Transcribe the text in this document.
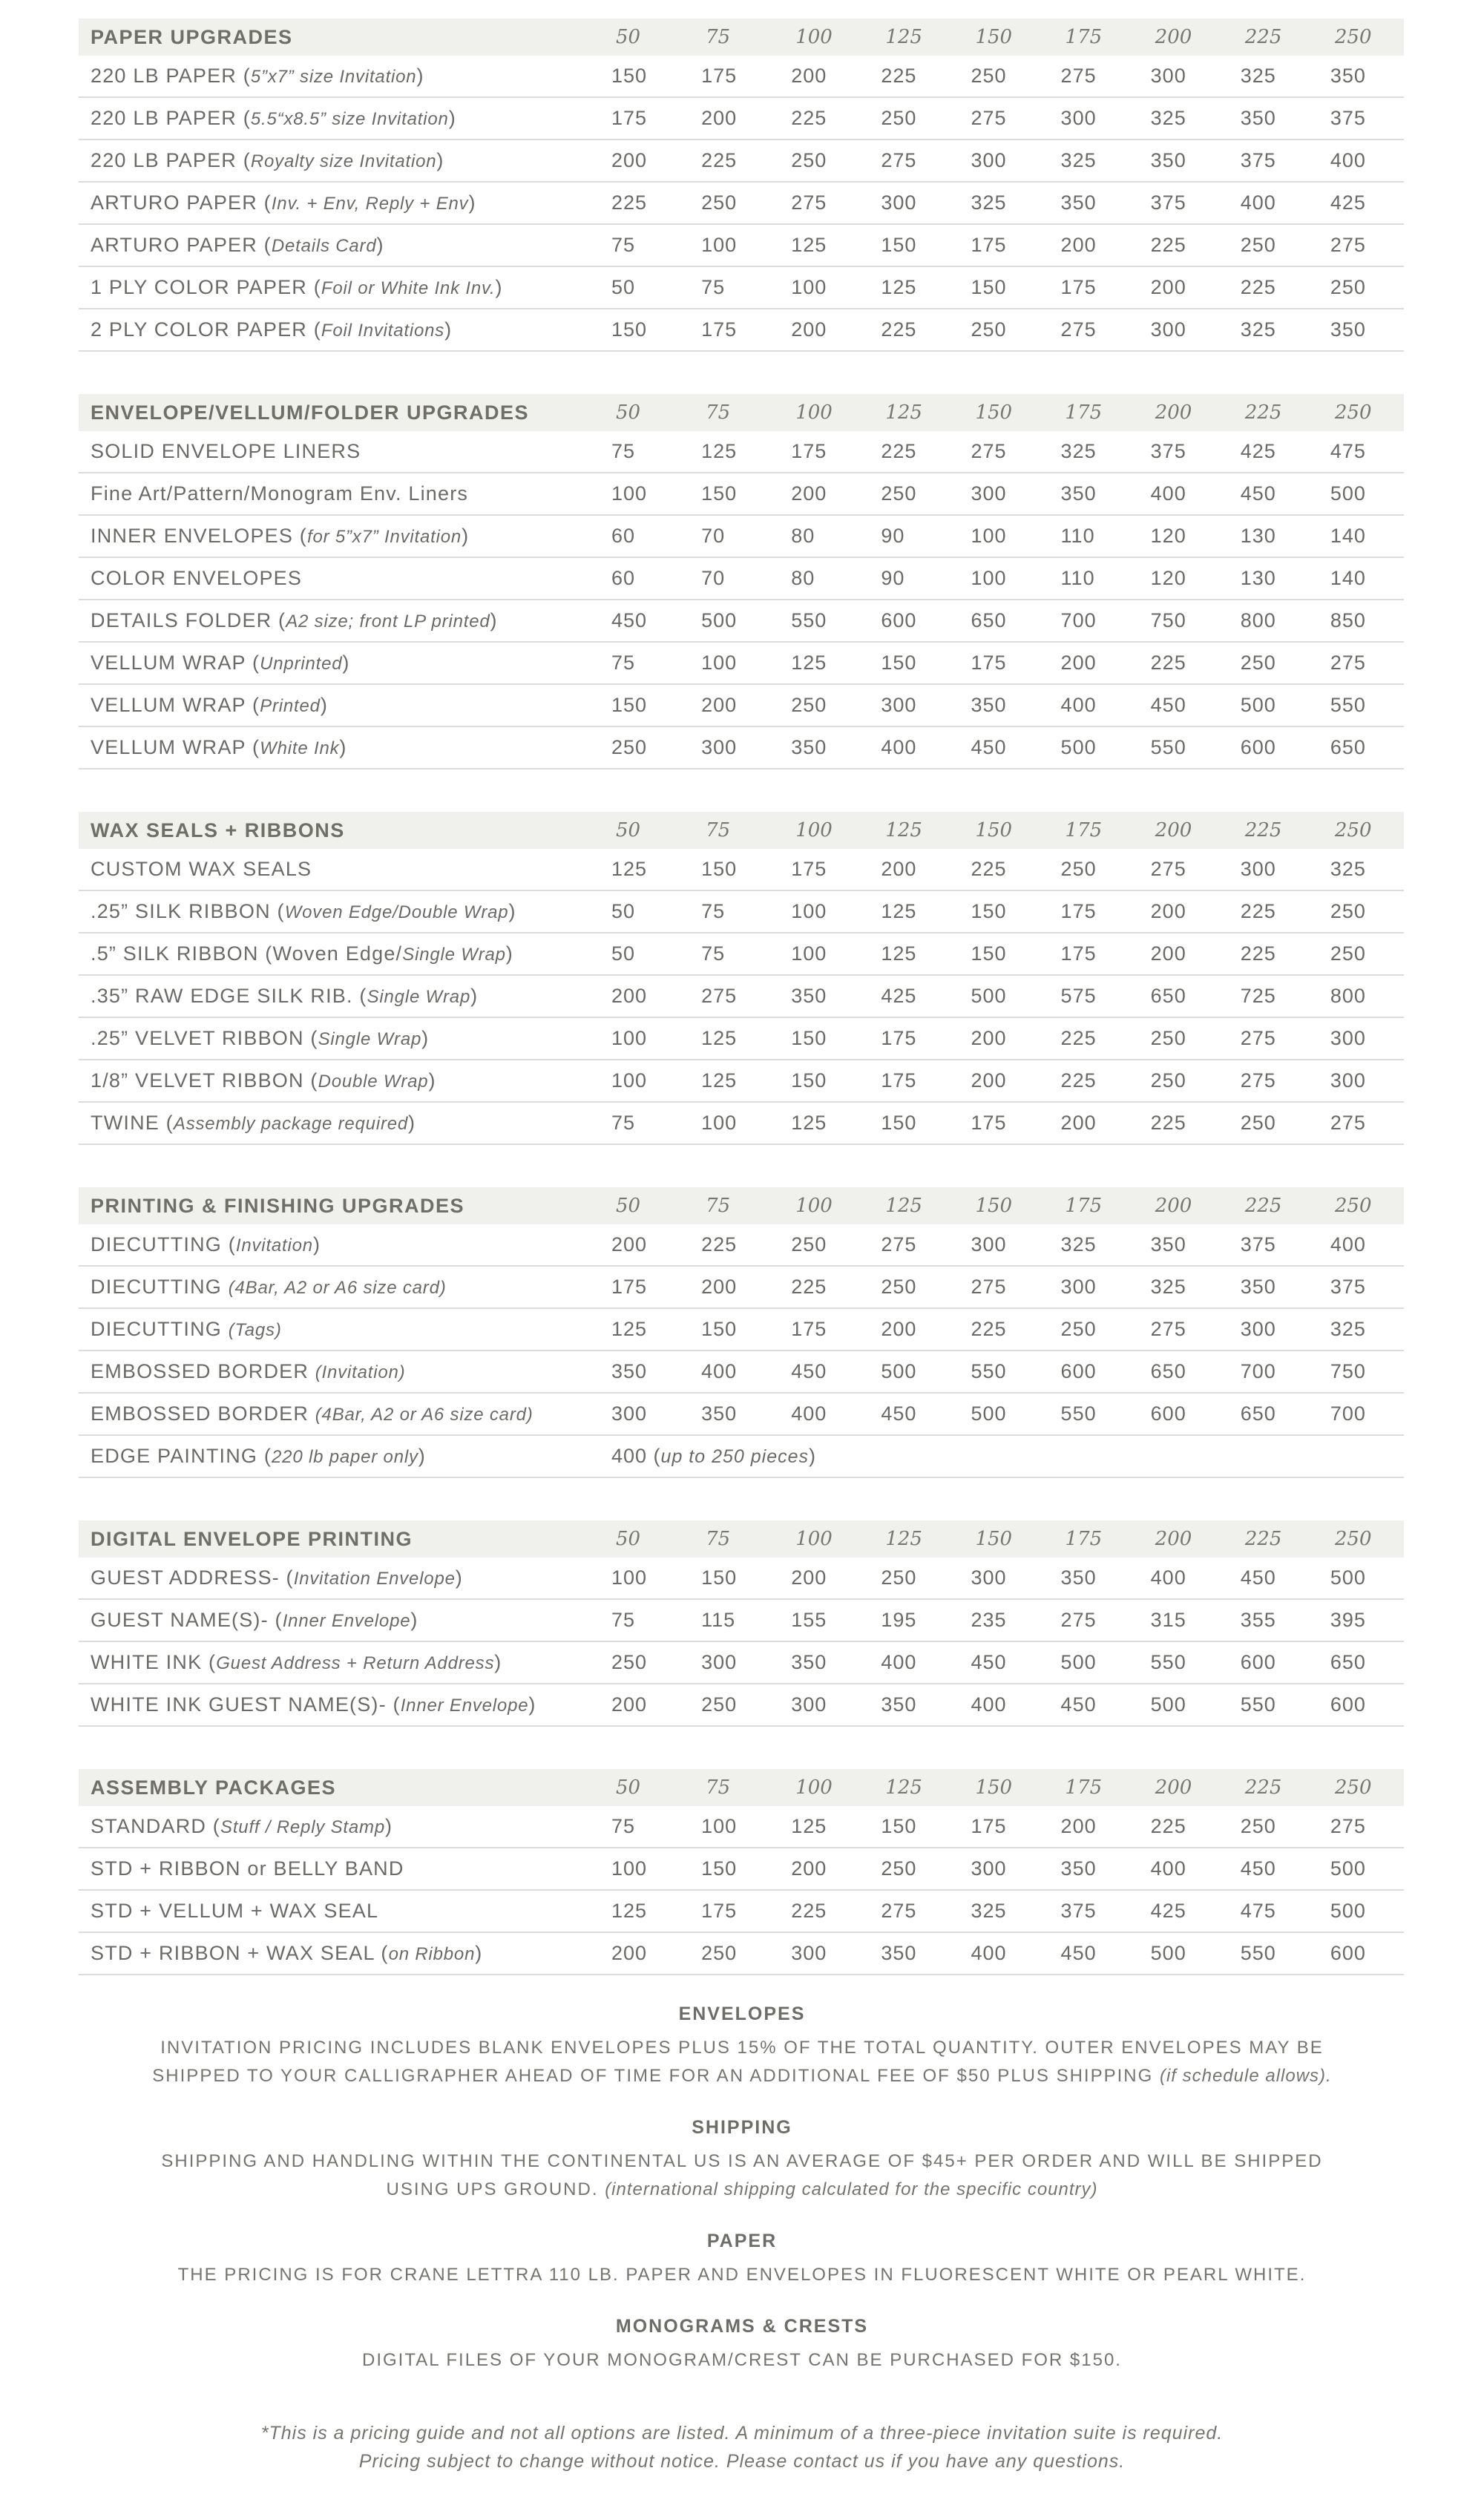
PAPER UPGRADES	50	75	100	125	150	175	200	225	250
220 LB PAPER (5”x7” size Invitation)	150	175	200	225	250	275	300	325	350
220 LB PAPER (5.5“x8.5” size Invitation)	175	200	225	250	275	300	325	350	375
220 LB PAPER (Royalty size Invitation)	200	225	250	275	300	325	350	375	400
ARTURO PAPER (Inv. + Env, Reply + Env)	225	250	275	300	325	350	375	400	425
ARTURO PAPER (Details Card)	75	100	125	150	175	200	225	250	275
1 PLY COLOR PAPER (Foil or White Ink Inv.)	50	75	100	125	150	175	200	225	250
2 PLY COLOR PAPER (Foil Invitations)	150	175	200	225	250	275	300	325	350
ENVELOPE/VELLUM/FOLDER UPGRADES	50	75	100	125	150	175	200	225	250
SOLID ENVELOPE LINERS	75	125	175	225	275	325	375	425	475
Fine Art/Pattern/Monogram Env. Liners	100	150	200	250	300	350	400	450	500
INNER ENVELOPES (for 5”x7” Invitation)	60	70	80	90	100	110	120	130	140
COLOR ENVELOPES	60	70	80	90	100	110	120	130	140
DETAILS FOLDER (A2 size; front LP printed)	450	500	550	600	650	700	750	800	850
VELLUM WRAP (Unprinted)	75	100	125	150	175	200	225	250	275
VELLUM WRAP (Printed)	150	200	250	300	350	400	450	500	550
VELLUM WRAP (White Ink)	250	300	350	400	450	500	550	600	650
WAX SEALS + RIBBONS	50	75	100	125	150	175	200	225	250
CUSTOM WAX SEALS	125	150	175	200	225	250	275	300	325
.25” SILK RIBBON (Woven Edge/Double Wrap)	50	75	100	125	150	175	200	225	250
.5” SILK RIBBON (Woven Edge/Single Wrap)	50	75	100	125	150	175	200	225	250
.35” RAW EDGE SILK RIB. (Single Wrap)	200	275	350	425	500	575	650	725	800
.25” VELVET RIBBON (Single Wrap)	100	125	150	175	200	225	250	275	300
1/8” VELVET RIBBON (Double Wrap)	100	125	150	175	200	225	250	275	300
TWINE (Assembly package required)	75	100	125	150	175	200	225	250	275
PRINTING & FINISHING UPGRADES	50	75	100	125	150	175	200	225	250
DIECUTTING (Invitation)	200	225	250	275	300	325	350	375	400
DIECUTTING (4Bar, A2 or A6 size card)	175	200	225	250	275	300	325	350	375
DIECUTTING (Tags)	125	150	175	200	225	250	275	300	325
EMBOSSED BORDER (Invitation)	350	400	450	500	550	600	650	700	750
EMBOSSED BORDER (4Bar, A2 or A6 size card)	300	350	400	450	500	550	600	650	700
EDGE PAINTING (220 lb paper only)	400 (up to 250 pieces)
DIGITAL ENVELOPE PRINTING	50	75	100	125	150	175	200	225	250
GUEST ADDRESS- (Invitation Envelope)	100	150	200	250	300	350	400	450	500
GUEST NAME(S)- (Inner Envelope)	75	115	155	195	235	275	315	355	395
WHITE INK (Guest Address + Return Address)	250	300	350	400	450	500	550	600	650
WHITE INK GUEST NAME(S)- (Inner Envelope)	200	250	300	350	400	450	500	550	600
ASSEMBLY PACKAGES	50	75	100	125	150	175	200	225	250
STANDARD (Stuff / Reply Stamp)	75	100	125	150	175	200	225	250	275
STD + RIBBON or BELLY BAND	100	150	200	250	300	350	400	450	500
STD + VELLUM + WAX SEAL	125	175	225	275	325	375	425	475	500
STD + RIBBON + WAX SEAL (on Ribbon)	200	250	300	350	400	450	500	550	600
ENVELOPES

INVITATION PRICING INCLUDES BLANK ENVELOPES PLUS 15% OF THE TOTAL QUANTITY. OUTER ENVELOPES MAY BE
SHIPPED TO YOUR CALLIGRAPHER AHEAD OF TIME FOR AN ADDITIONAL FEE OF $50 PLUS SHIPPING (if schedule allows).

SHIPPING

SHIPPING AND HANDLING WITHIN THE CONTINENTAL US IS AN AVERAGE OF $45+ PER ORDER AND WILL BE SHIPPED
USING UPS GROUND. (international shipping calculated for the specific country)

PAPER

THE PRICING IS FOR CRANE LETTRA 110 LB. PAPER AND ENVELOPES IN FLUORESCENT WHITE OR PEARL WHITE.

MONOGRAMS & CRESTS

DIGITAL FILES OF YOUR MONOGRAM/CREST CAN BE PURCHASED FOR $150.

*This is a pricing guide and not all options are listed. A minimum of a three-piece invitation suite is required.
Pricing subject to change without notice. Please contact us if you have any questions.
